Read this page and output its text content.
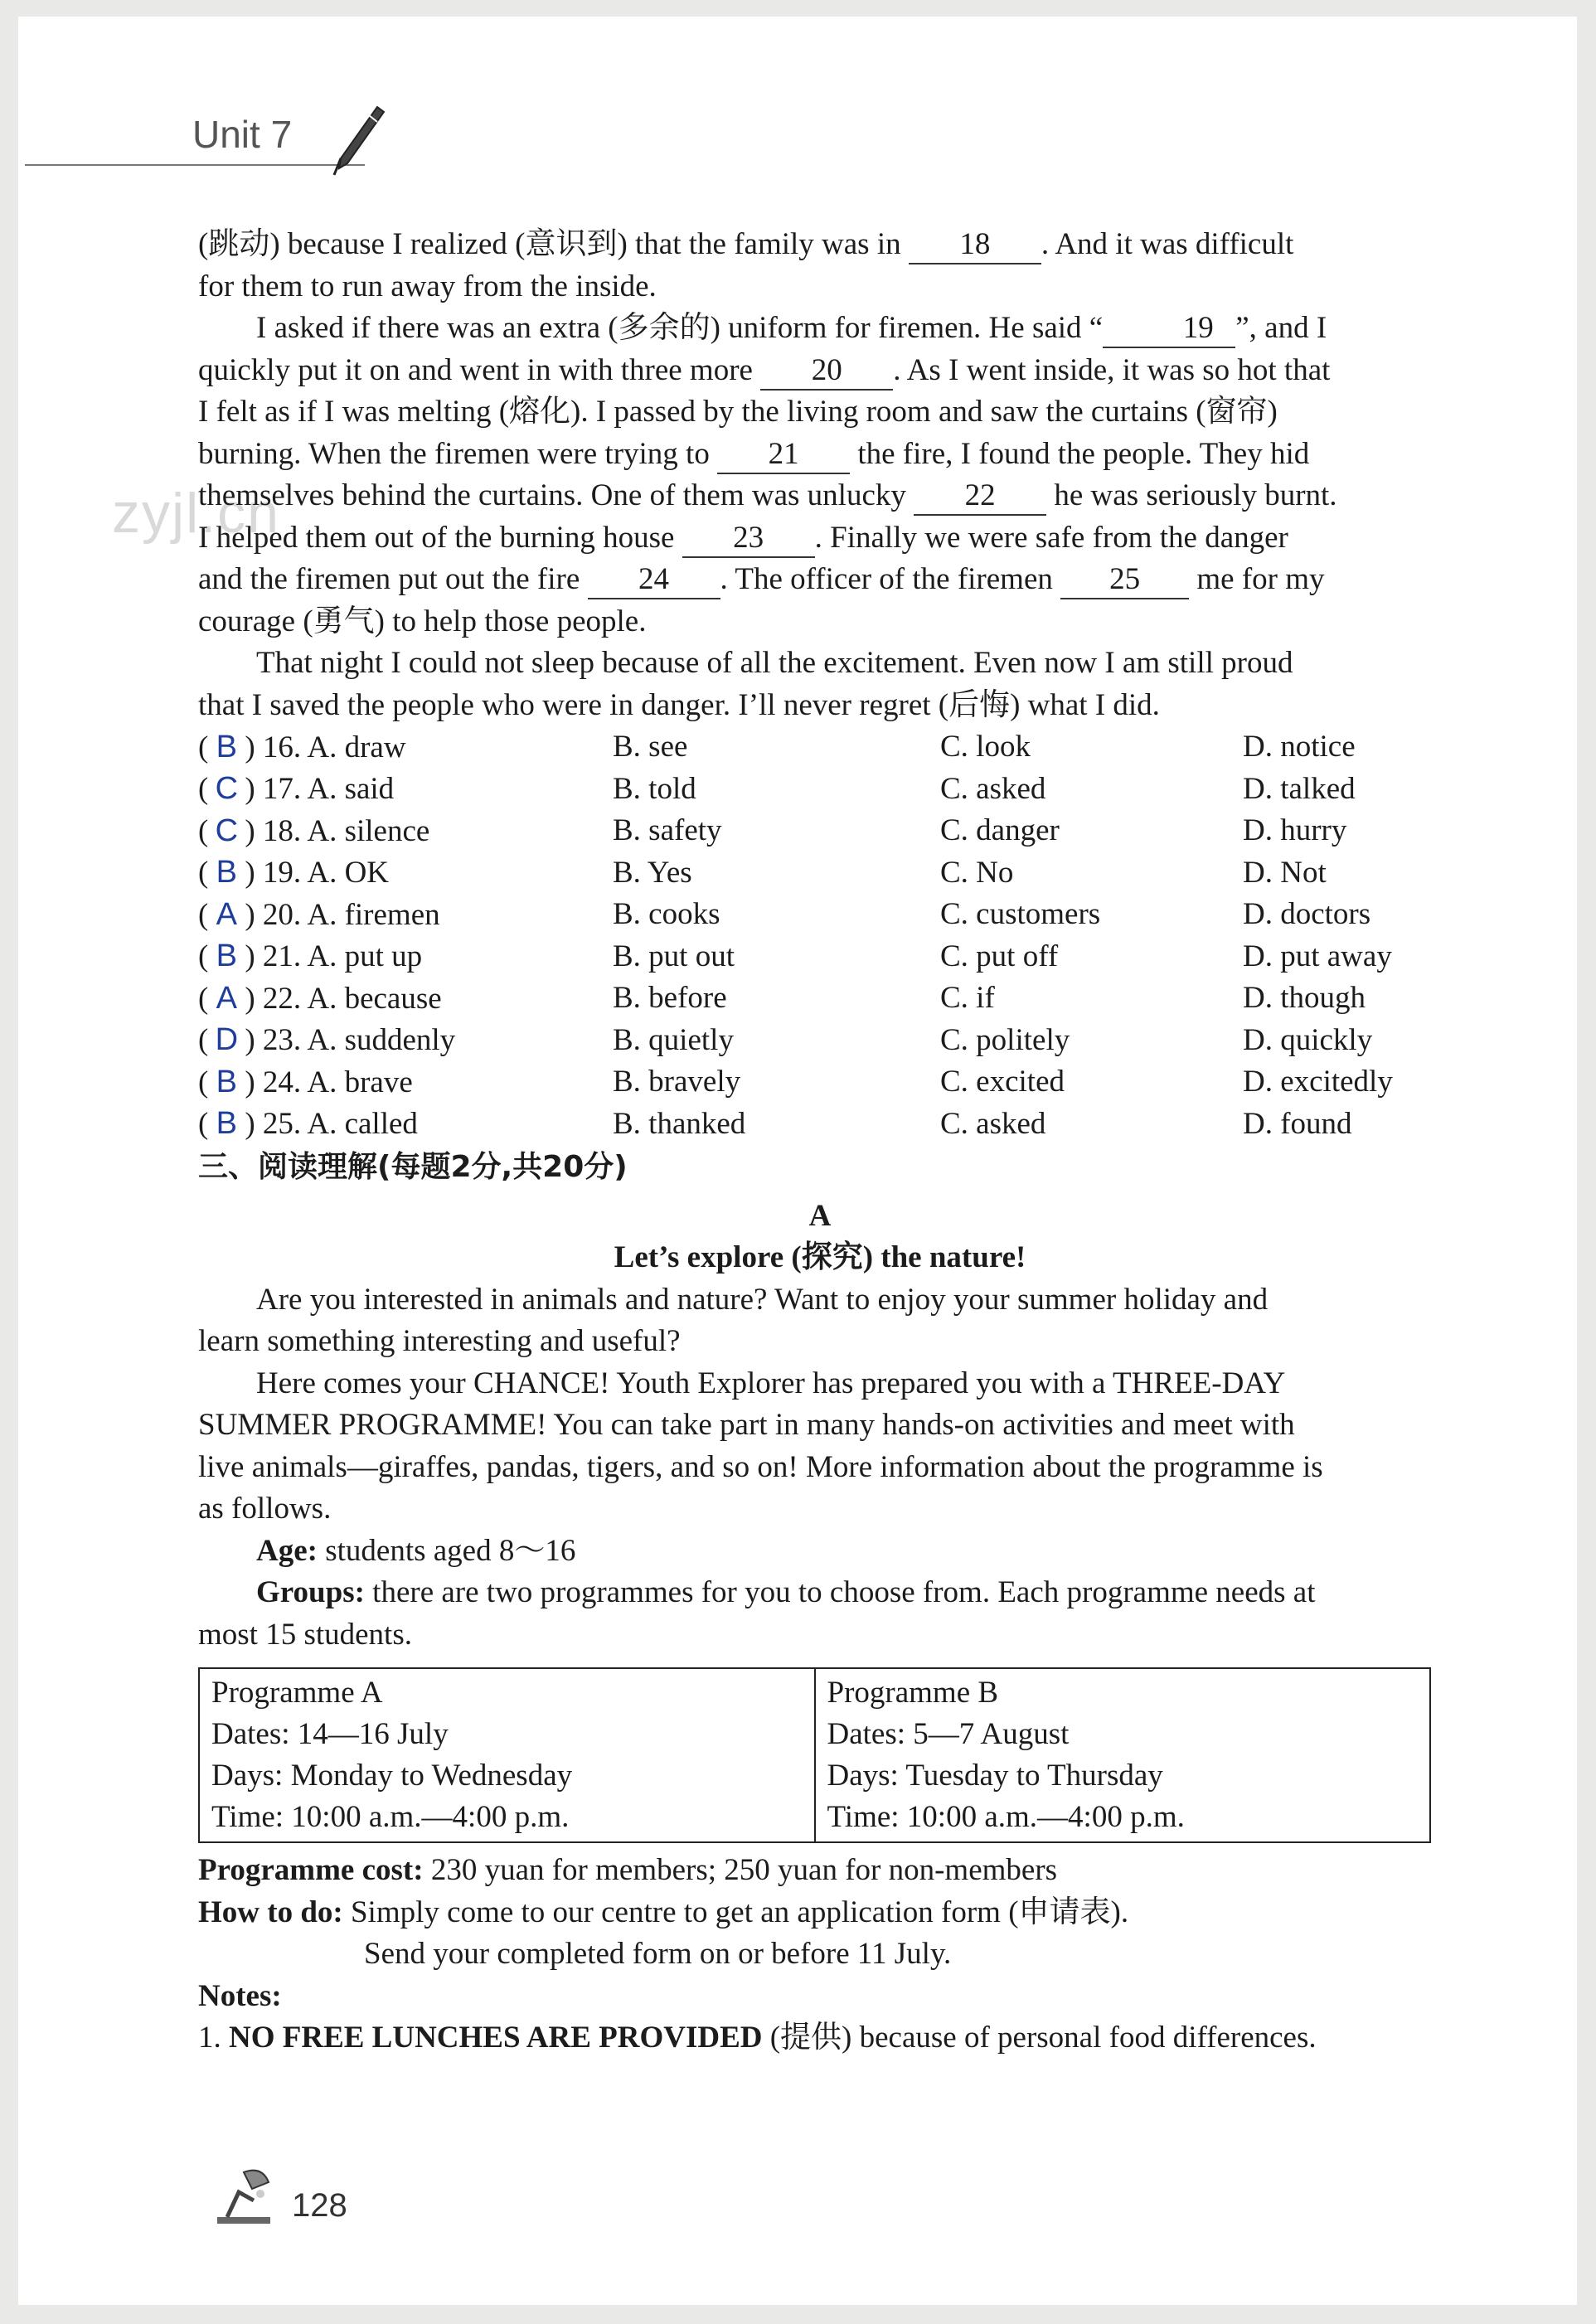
zyjl.cn
Unit 7

(跳动) because I realized (意识到) that the family was in 18 . And it was difficult

for them to run away from the inside.

I asked if there was an extra (多余的) uniform for firemen. He said “	19 ”, and I

quickly put it on and went in with three more 20 . As I went inside, it was so hot that

I felt as if I was melting (熔化). I passed by the living room and saw the curtains (窗帘)

burning. When the firemen were trying to 21 the fire, I found the people. They hid

themselves behind the curtains. One of them was unlucky 22 he was seriously burnt.

I helped them out of the burning house 23 . Finally we were safe from the danger

and the firemen put out the fire 24 . The officer of the firemen 25 me for my

courage (勇气) to help those people.

That night I could not sleep because of all the excitement. Even now I am still proud

that I saved the people who were in danger. I’ll never regret (后悔) what I did.

( B ) 16. A. draw	B. see	C. look	D. notice
( C ) 17. A. said	B. told	C. asked	D. talked
( C ) 18. A. silence	B. safety	C. danger	D. hurry
( B ) 19. A. OK	B. Yes	C. No	D. Not
( A ) 20. A. firemen	B. cooks	C. customers	D. doctors
( B ) 21. A. put up	B. put out	C. put off	D. put away
( A ) 22. A. because	B. before	C. if	D. though
( D ) 23. A. suddenly	B. quietly	C. politely	D. quickly
( B ) 24. A. brave	B. bravely	C. excited	D. excitedly
( B ) 25. A. called	B. thanked	C. asked	D. found
三、阅读理解(每题2分,共20分)
A
Let’s explore (探究) the nature!

Are you interested in animals and nature? Want to enjoy your summer holiday and

learn something interesting and useful?

Here comes your CHANCE! Youth Explorer has prepared you with a THREE-DAY

SUMMER PROGRAMME! You can take part in many hands-on activities and meet with

live animals—giraffes, pandas, tigers, and so on! More information about the programme is

as follows.

Age: students aged 8～16

Groups: there are two programmes for you to choose from. Each programme needs at

most 15 students.

Programme A
Dates: 14—16 July
Days: Monday to Wednesday
Time: 10:00 a.m.—4:00 p.m.

Programme B
Dates: 5—7 August
Days: Tuesday to Thursday
Time: 10:00 a.m.—4:00 p.m.

Programme cost: 230 yuan for members; 250 yuan for non-members

How to do: Simply come to our centre to get an application form (申请表).

Send your completed form on or before 11 July.

Notes:

1. NO FREE LUNCHES ARE PROVIDED (提供) because of personal food differences.

128
